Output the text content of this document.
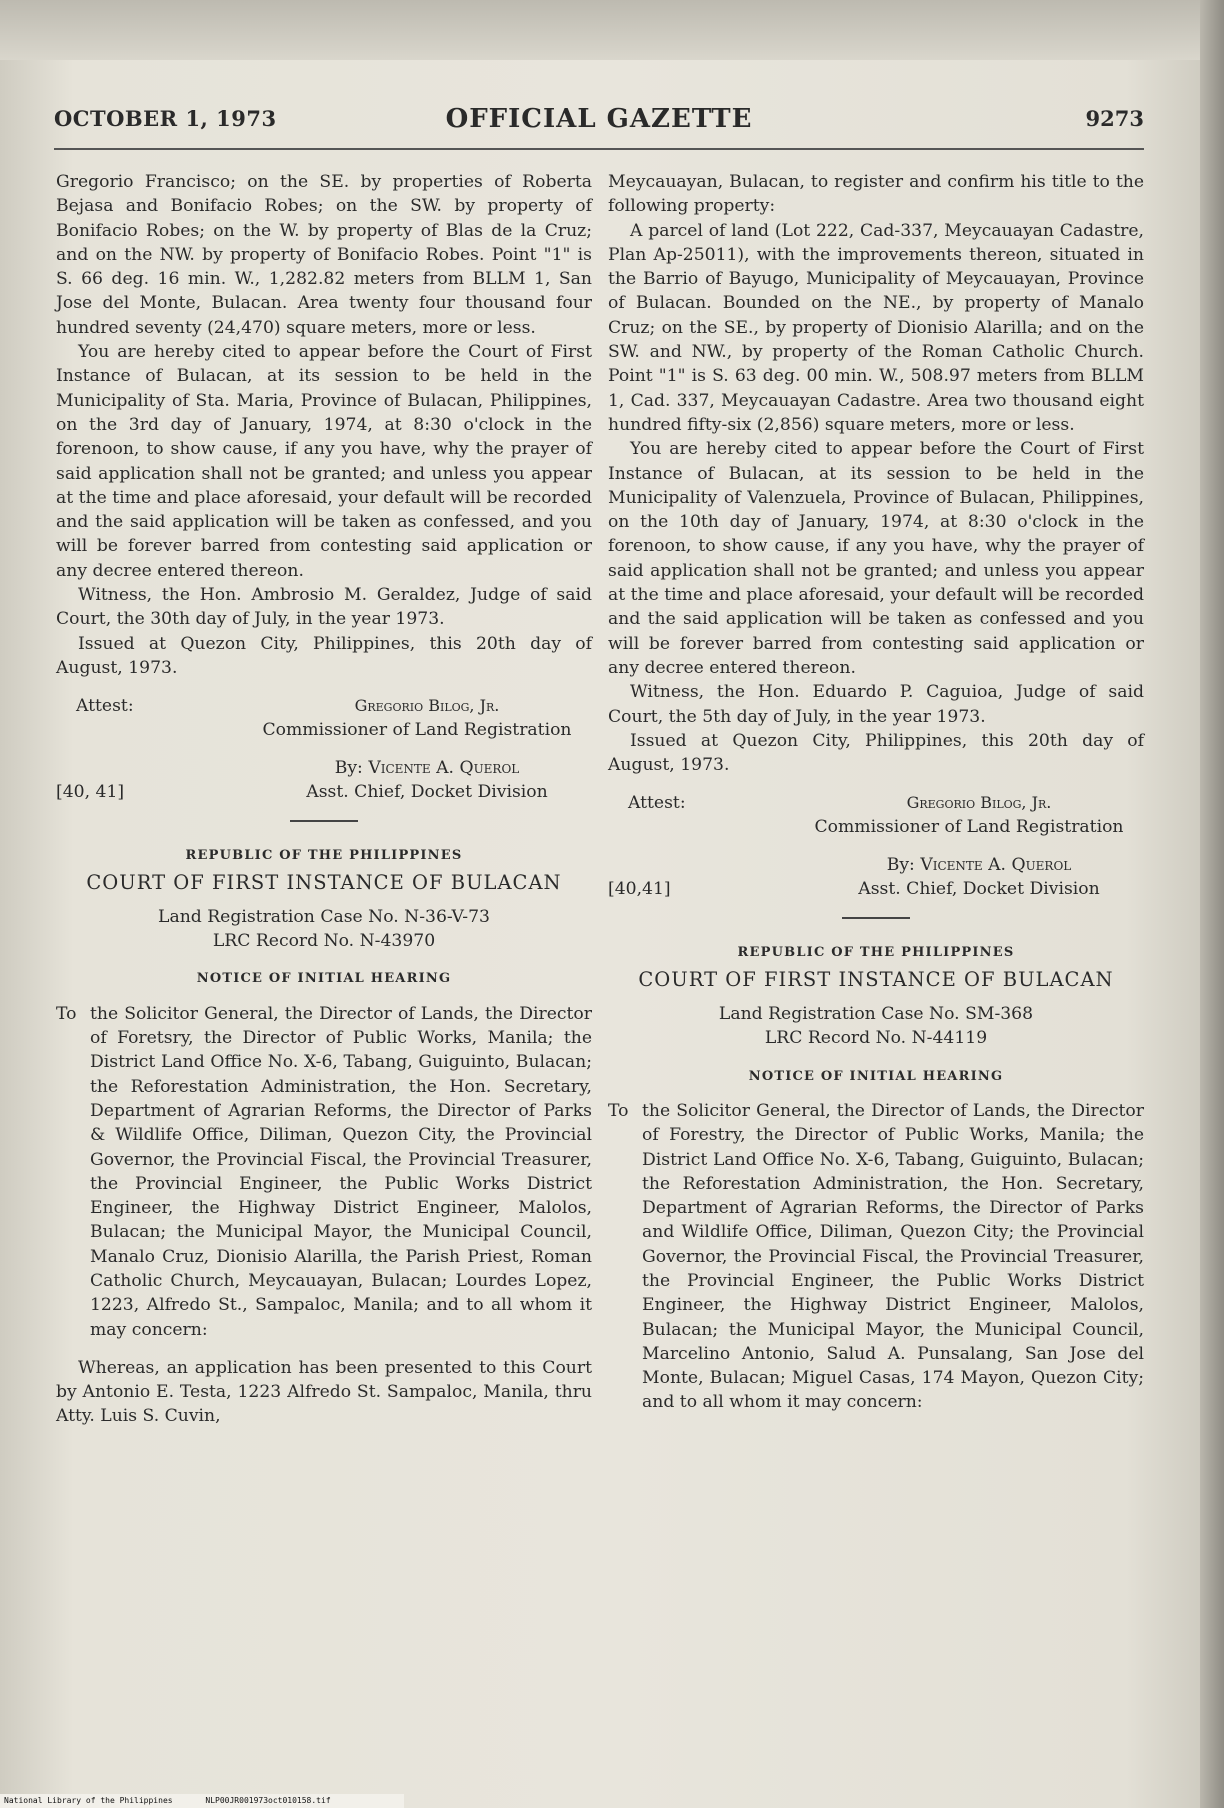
OCTOBER 1, 1973	OFFICIAL GAZETTE	9273

Gregorio Francisco; on the SE. by properties of Roberta Bejasa and Bonifacio Robes; on the SW. by property of Bonifacio Robes; on the W. by property of Blas de la Cruz; and on the NW. by property of Bonifacio Robes. Point "1" is S. 66 deg. 16 min. W., 1,282.82 meters from BLLM 1, San Jose del Monte, Bulacan. Area twenty four thousand four hundred seventy (24,470) square meters, more or less.

You are hereby cited to appear before the Court of First Instance of Bulacan, at its session to be held in the Municipality of Sta. Maria, Province of Bulacan, Philippines, on the 3rd day of January, 1974, at 8:30 o'clock in the forenoon, to show cause, if any you have, why the prayer of said application shall not be granted; and unless you appear at the time and place aforesaid, your default will be recorded and the said application will be taken as confessed, and you will be forever barred from contesting said application or any decree entered thereon.

Witness, the Hon. Ambrosio M. Geraldez, Judge of said Court, the 30th day of July, in the year 1973.

Issued at Quezon City, Philippines, this 20th day of August, 1973.

Attest:	Gregorio Bilog, Jr.
Commissioner of Land Registration
By: Vicente A. Querol
Asst. Chief, Docket Division
[40, 41]
REPUBLIC OF THE PHILIPPINES
COURT OF FIRST INSTANCE OF BULACAN
Land Registration Case No. N-36-V-73
LRC Record No. N-43970
NOTICE OF INITIAL HEARING
To the Solicitor General, the Director of Lands, the Director of Foretsry, the Director of Public Works, Manila; the District Land Office No. X-6, Tabang, Guiguinto, Bulacan; the Reforestation Administration, the Hon. Secretary, Department of Agrarian Reforms, the Director of Parks & Wildlife Office, Diliman, Quezon City, the Provincial Governor, the Provincial Fiscal, the Provincial Treasurer, the Provincial Engineer, the Public Works District Engineer, the Highway District Engineer, Malolos, Bulacan; the Municipal Mayor, the Municipal Council, Manalo Cruz, Dionisio Alarilla, the Parish Priest, Roman Catholic Church, Meycauayan, Bulacan; Lourdes Lopez, 1223, Alfredo St., Sampaloc, Manila; and to all whom it may concern:

Whereas, an application has been presented to this Court by Antonio E. Testa, 1223 Alfredo St. Sampaloc, Manila, thru Atty. Luis S. Cuvin,

Meycauayan, Bulacan, to register and confirm his title to the following property:

A parcel of land (Lot 222, Cad-337, Meycauayan Cadastre, Plan Ap-25011), with the improvements thereon, situated in the Barrio of Bayugo, Municipality of Meycauayan, Province of Bulacan. Bounded on the NE., by property of Manalo Cruz; on the SE., by property of Dionisio Alarilla; and on the SW. and NW., by property of the Roman Catholic Church. Point "1" is S. 63 deg. 00 min. W., 508.97 meters from BLLM 1, Cad. 337, Meycauayan Cadastre. Area two thousand eight hundred fifty-six (2,856) square meters, more or less.

You are hereby cited to appear before the Court of First Instance of Bulacan, at its session to be held in the Municipality of Valenzuela, Province of Bulacan, Philippines, on the 10th day of January, 1974, at 8:30 o'clock in the forenoon, to show cause, if any you have, why the prayer of said application shall not be granted; and unless you appear at the time and place aforesaid, your default will be recorded and the said application will be taken as confessed and you will be forever barred from contesting said application or any decree entered thereon.

Witness, the Hon. Eduardo P. Caguioa, Judge of said Court, the 5th day of July, in the year 1973.

Issued at Quezon City, Philippines, this 20th day of August, 1973.

Attest:	Gregorio Bilog, Jr.
Commissioner of Land Registration
By: Vicente A. Querol
Asst. Chief, Docket Division
[40,41]
REPUBLIC OF THE PHILIPPINES
COURT OF FIRST INSTANCE OF BULACAN
Land Registration Case No. SM-368
LRC Record No. N-44119
NOTICE OF INITIAL HEARING
To the Solicitor General, the Director of Lands, the Director of Forestry, the Director of Public Works, Manila; the District Land Office No. X-6, Tabang, Guiguinto, Bulacan; the Reforestation Administration, the Hon. Secretary, Department of Agrarian Reforms, the Director of Parks and Wildlife Office, Diliman, Quezon City; the Provincial Governor, the Provincial Fiscal, the Provincial Treasurer, the Provincial Engineer, the Public Works District Engineer, the Highway District Engineer, Malolos, Bulacan; the Municipal Mayor, the Municipal Council, Marcelino Antonio, Salud A. Punsalang, San Jose del Monte, Bulacan; Miguel Casas, 174 Mayon, Quezon City; and to all whom it may concern:
National Library of the Philippines	NLP00JR001973oct010158.tif
